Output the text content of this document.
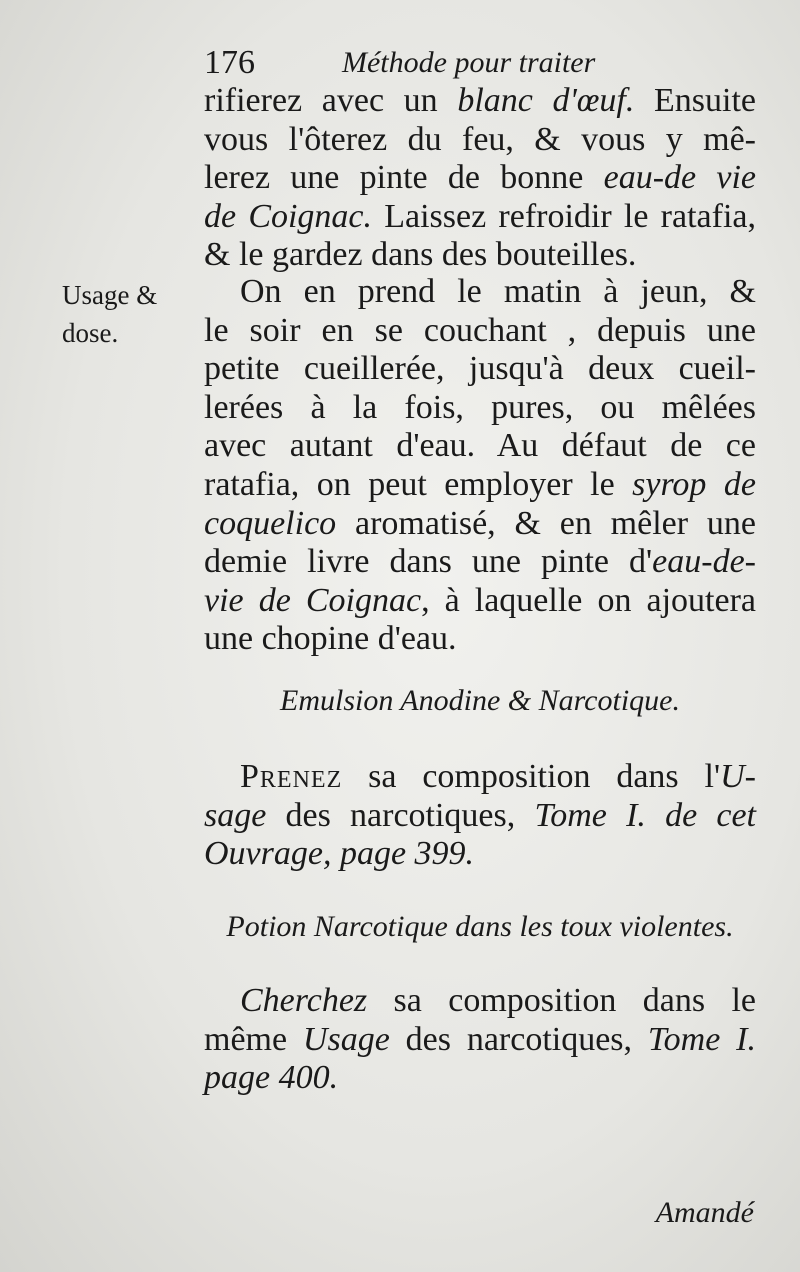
176	Méthode pour traiter
Usage &
dose.
rifierez avec un blanc d'œuf. Ensuite
vous l'ôterez du feu, & vous y mê-
lerez une pinte de bonne eau-de vie
de Coignac. Laissez refroidir le ratafia,
& le gardez dans des bouteilles.
On en prend le matin à jeun, &
le soir en se couchant , depuis une
petite cueillerée, jusqu'à deux cueil-
lerées à la fois, pures, ou mêlées
avec autant d'eau. Au défaut de ce
ratafia, on peut employer le syrop de
coquelico aromatisé, & en mêler une
demie livre dans une pinte d'eau-de-
vie de Coignac, à laquelle on ajoutera
une chopine d'eau.
Emulsion Anodine & Narcotique.
Prenez sa composition dans l'U-
sage des narcotiques, Tome I. de cet
Ouvrage, page 399.
Potion Narcotique dans les toux violentes.
Cherchez sa composition dans le
même Usage des narcotiques, Tome I.
page 400.
Amandé
